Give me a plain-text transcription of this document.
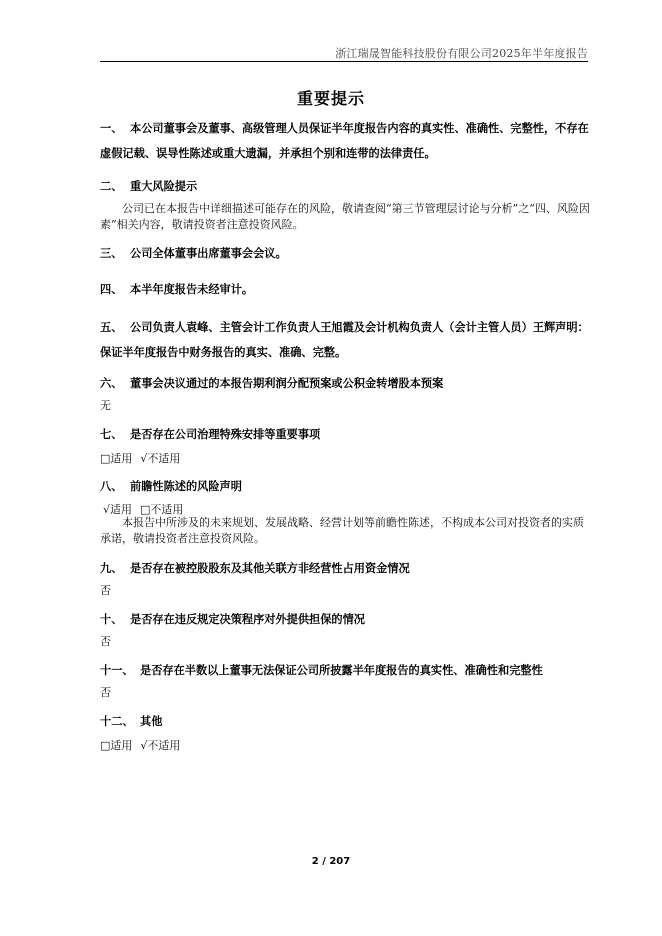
浙江瑞晟智能科技股份有限公司2025年半年度报告
重要提示
一、 本公司董事会及董事、高级管理人员保证半年度报告内容的真实性、准确性、完整性，不存在虚假记载、误导性陈述或重大遗漏，并承担个别和连带的法律责任。
二、 重大风险提示
公司已在本报告中详细描述可能存在的风险，敬请查阅“第三节管理层讨论与分析”之“四、风险因素”相关内容，敬请投资者注意投资风险。
三、 公司全体董事出席董事会会议。
四、 本半年度报告未经审计。
五、 公司负责人袁峰、主管会计工作负责人王旭霞及会计机构负责人（会计主管人员）王辉声明：保证半年度报告中财务报告的真实、准确、完整。
六、 董事会决议通过的本报告期利润分配预案或公积金转增股本预案
无
七、 是否存在公司治理特殊安排等重要事项
□适用 √不适用
八、 前瞻性陈述的风险声明
√适用 □不适用
本报告中所涉及的未来规划、发展战略、经营计划等前瞻性陈述，不构成本公司对投资者的实质承诺，敬请投资者注意投资风险。
九、 是否存在被控股股东及其他关联方非经营性占用资金情况
否
十、 是否存在违反规定决策程序对外提供担保的情况
否
十一、 是否存在半数以上董事无法保证公司所披露半年度报告的真实性、准确性和完整性
否
十二、 其他
□适用 √不适用
2 / 207
